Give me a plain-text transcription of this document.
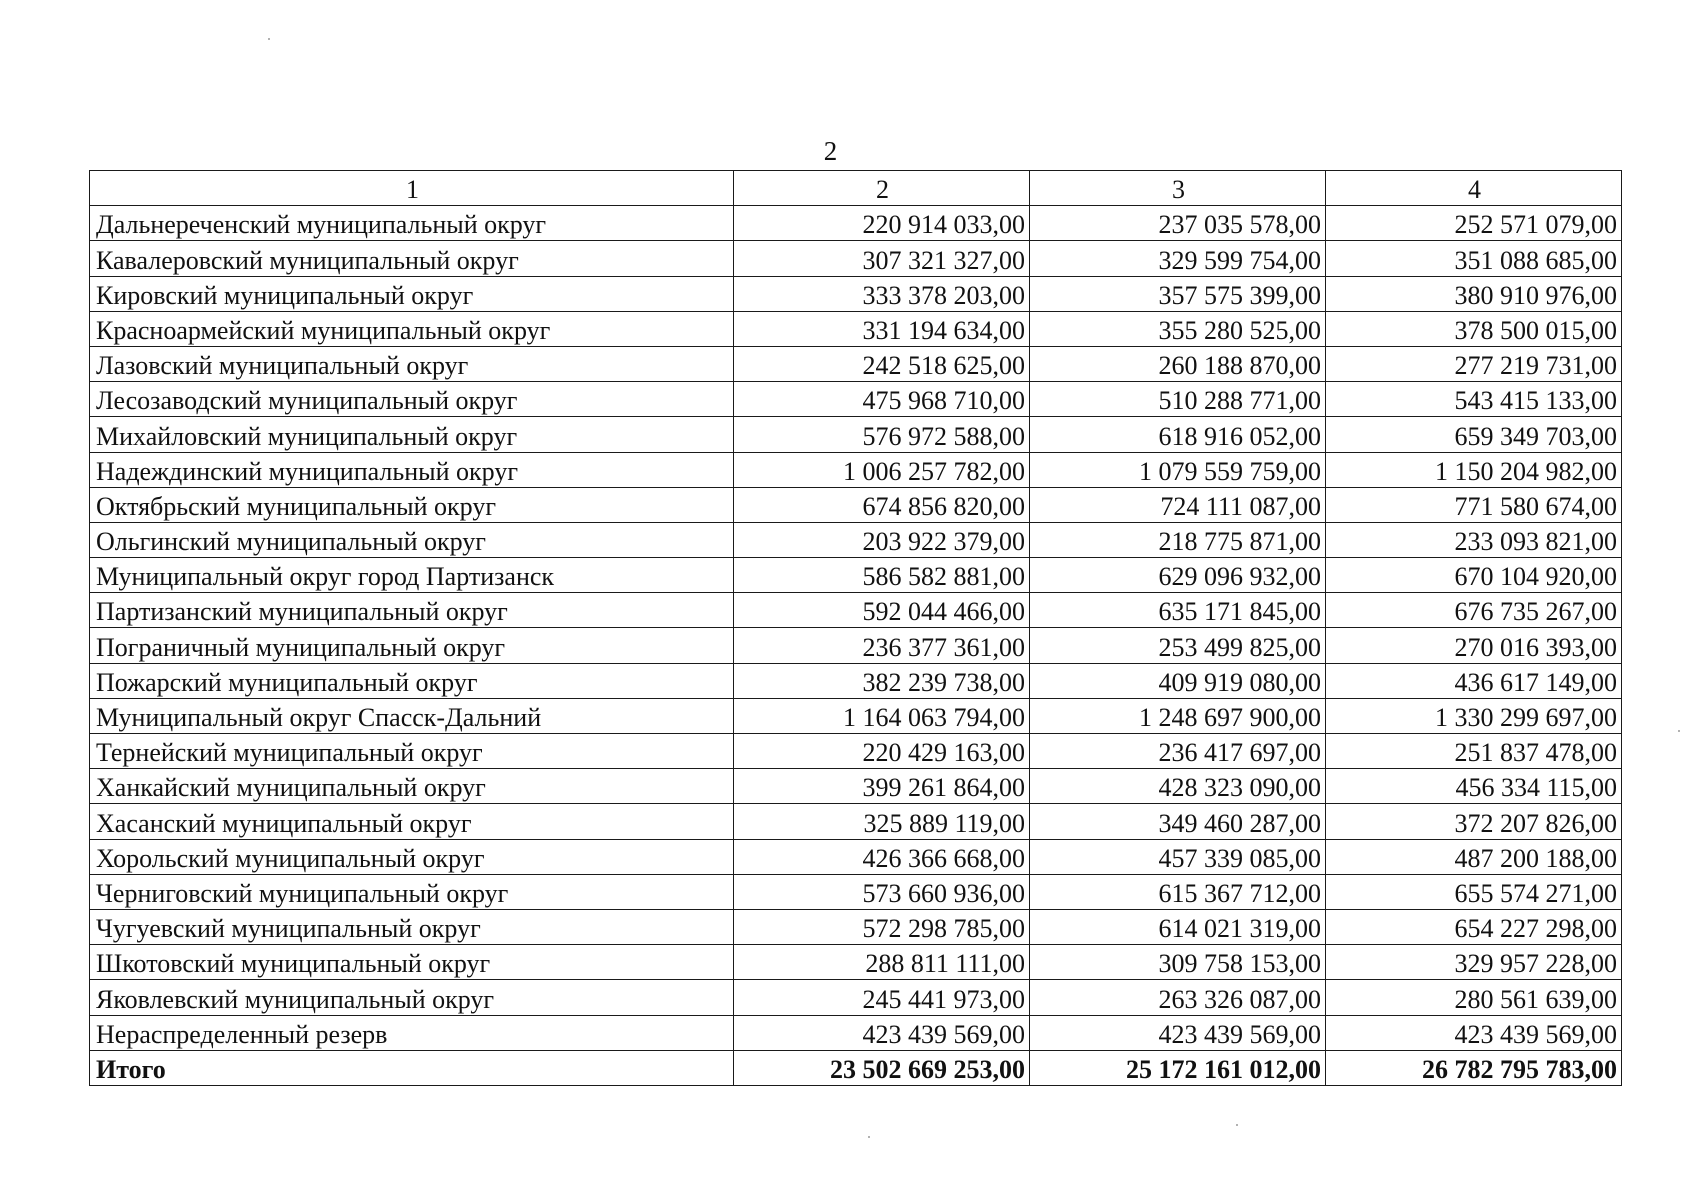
2
1	2	3	4
Дальнереченский муниципальный округ	220 914 033,00	237 035 578,00	252 571 079,00
Кавалеровский муниципальный округ	307 321 327,00	329 599 754,00	351 088 685,00
Кировский муниципальный округ	333 378 203,00	357 575 399,00	380 910 976,00
Красноармейский муниципальный округ	331 194 634,00	355 280 525,00	378 500 015,00
Лазовский муниципальный округ	242 518 625,00	260 188 870,00	277 219 731,00
Лесозаводский муниципальный округ	475 968 710,00	510 288 771,00	543 415 133,00
Михайловский муниципальный округ	576 972 588,00	618 916 052,00	659 349 703,00
Надеждинский муниципальный округ	1 006 257 782,00	1 079 559 759,00	1 150 204 982,00
Октябрьский муниципальный округ	674 856 820,00	724 111 087,00	771 580 674,00
Ольгинский муниципальный округ	203 922 379,00	218 775 871,00	233 093 821,00
Муниципальный округ город Партизанск	586 582 881,00	629 096 932,00	670 104 920,00
Партизанский муниципальный округ	592 044 466,00	635 171 845,00	676 735 267,00
Пограничный муниципальный округ	236 377 361,00	253 499 825,00	270 016 393,00
Пожарский муниципальный округ	382 239 738,00	409 919 080,00	436 617 149,00
Муниципальный округ Спасск-Дальний	1 164 063 794,00	1 248 697 900,00	1 330 299 697,00
Тернейский муниципальный округ	220 429 163,00	236 417 697,00	251 837 478,00
Ханкайский муниципальный округ	399 261 864,00	428 323 090,00	456 334 115,00
Хасанский муниципальный округ	325 889 119,00	349 460 287,00	372 207 826,00
Хорольский муниципальный округ	426 366 668,00	457 339 085,00	487 200 188,00
Черниговский муниципальный округ	573 660 936,00	615 367 712,00	655 574 271,00
Чугуевский муниципальный округ	572 298 785,00	614 021 319,00	654 227 298,00
Шкотовский муниципальный округ	288 811 111,00	309 758 153,00	329 957 228,00
Яковлевский муниципальный округ	245 441 973,00	263 326 087,00	280 561 639,00
Нераспределенный резерв	423 439 569,00	423 439 569,00	423 439 569,00
Итого	23 502 669 253,00	25 172 161 012,00	26 782 795 783,00
